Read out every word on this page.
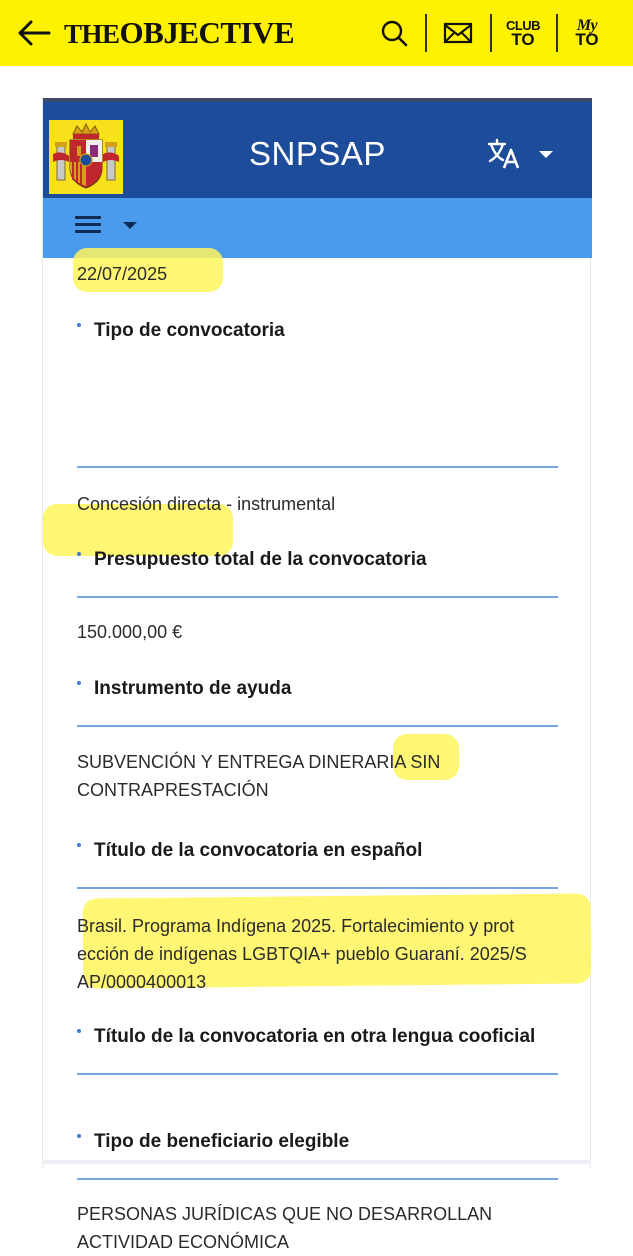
THEOBJECTIVE	CLUB
TO
My
TO
SNPSAP
22/07/2025
Tipo de convocatoria
Concesión directa - instrumental
Presupuesto total de la convocatoria
150.000,00 €
Instrumento de ayuda
SUBVENCIÓN Y ENTREGA DINERARIA SIN
CONTRAPRESTACIÓN
Título de la convocatoria en español
Brasil. Programa Indígena 2025. Fortalecimiento y prot
ección de indígenas LGBTQIA+ pueblo Guaraní. 2025/S
AP/0000400013
Título de la convocatoria en otra lengua cooficial
Tipo de beneficiario elegible
PERSONAS JURÍDICAS QUE NO DESARROLLAN
ACTIVIDAD ECONÓMICA
